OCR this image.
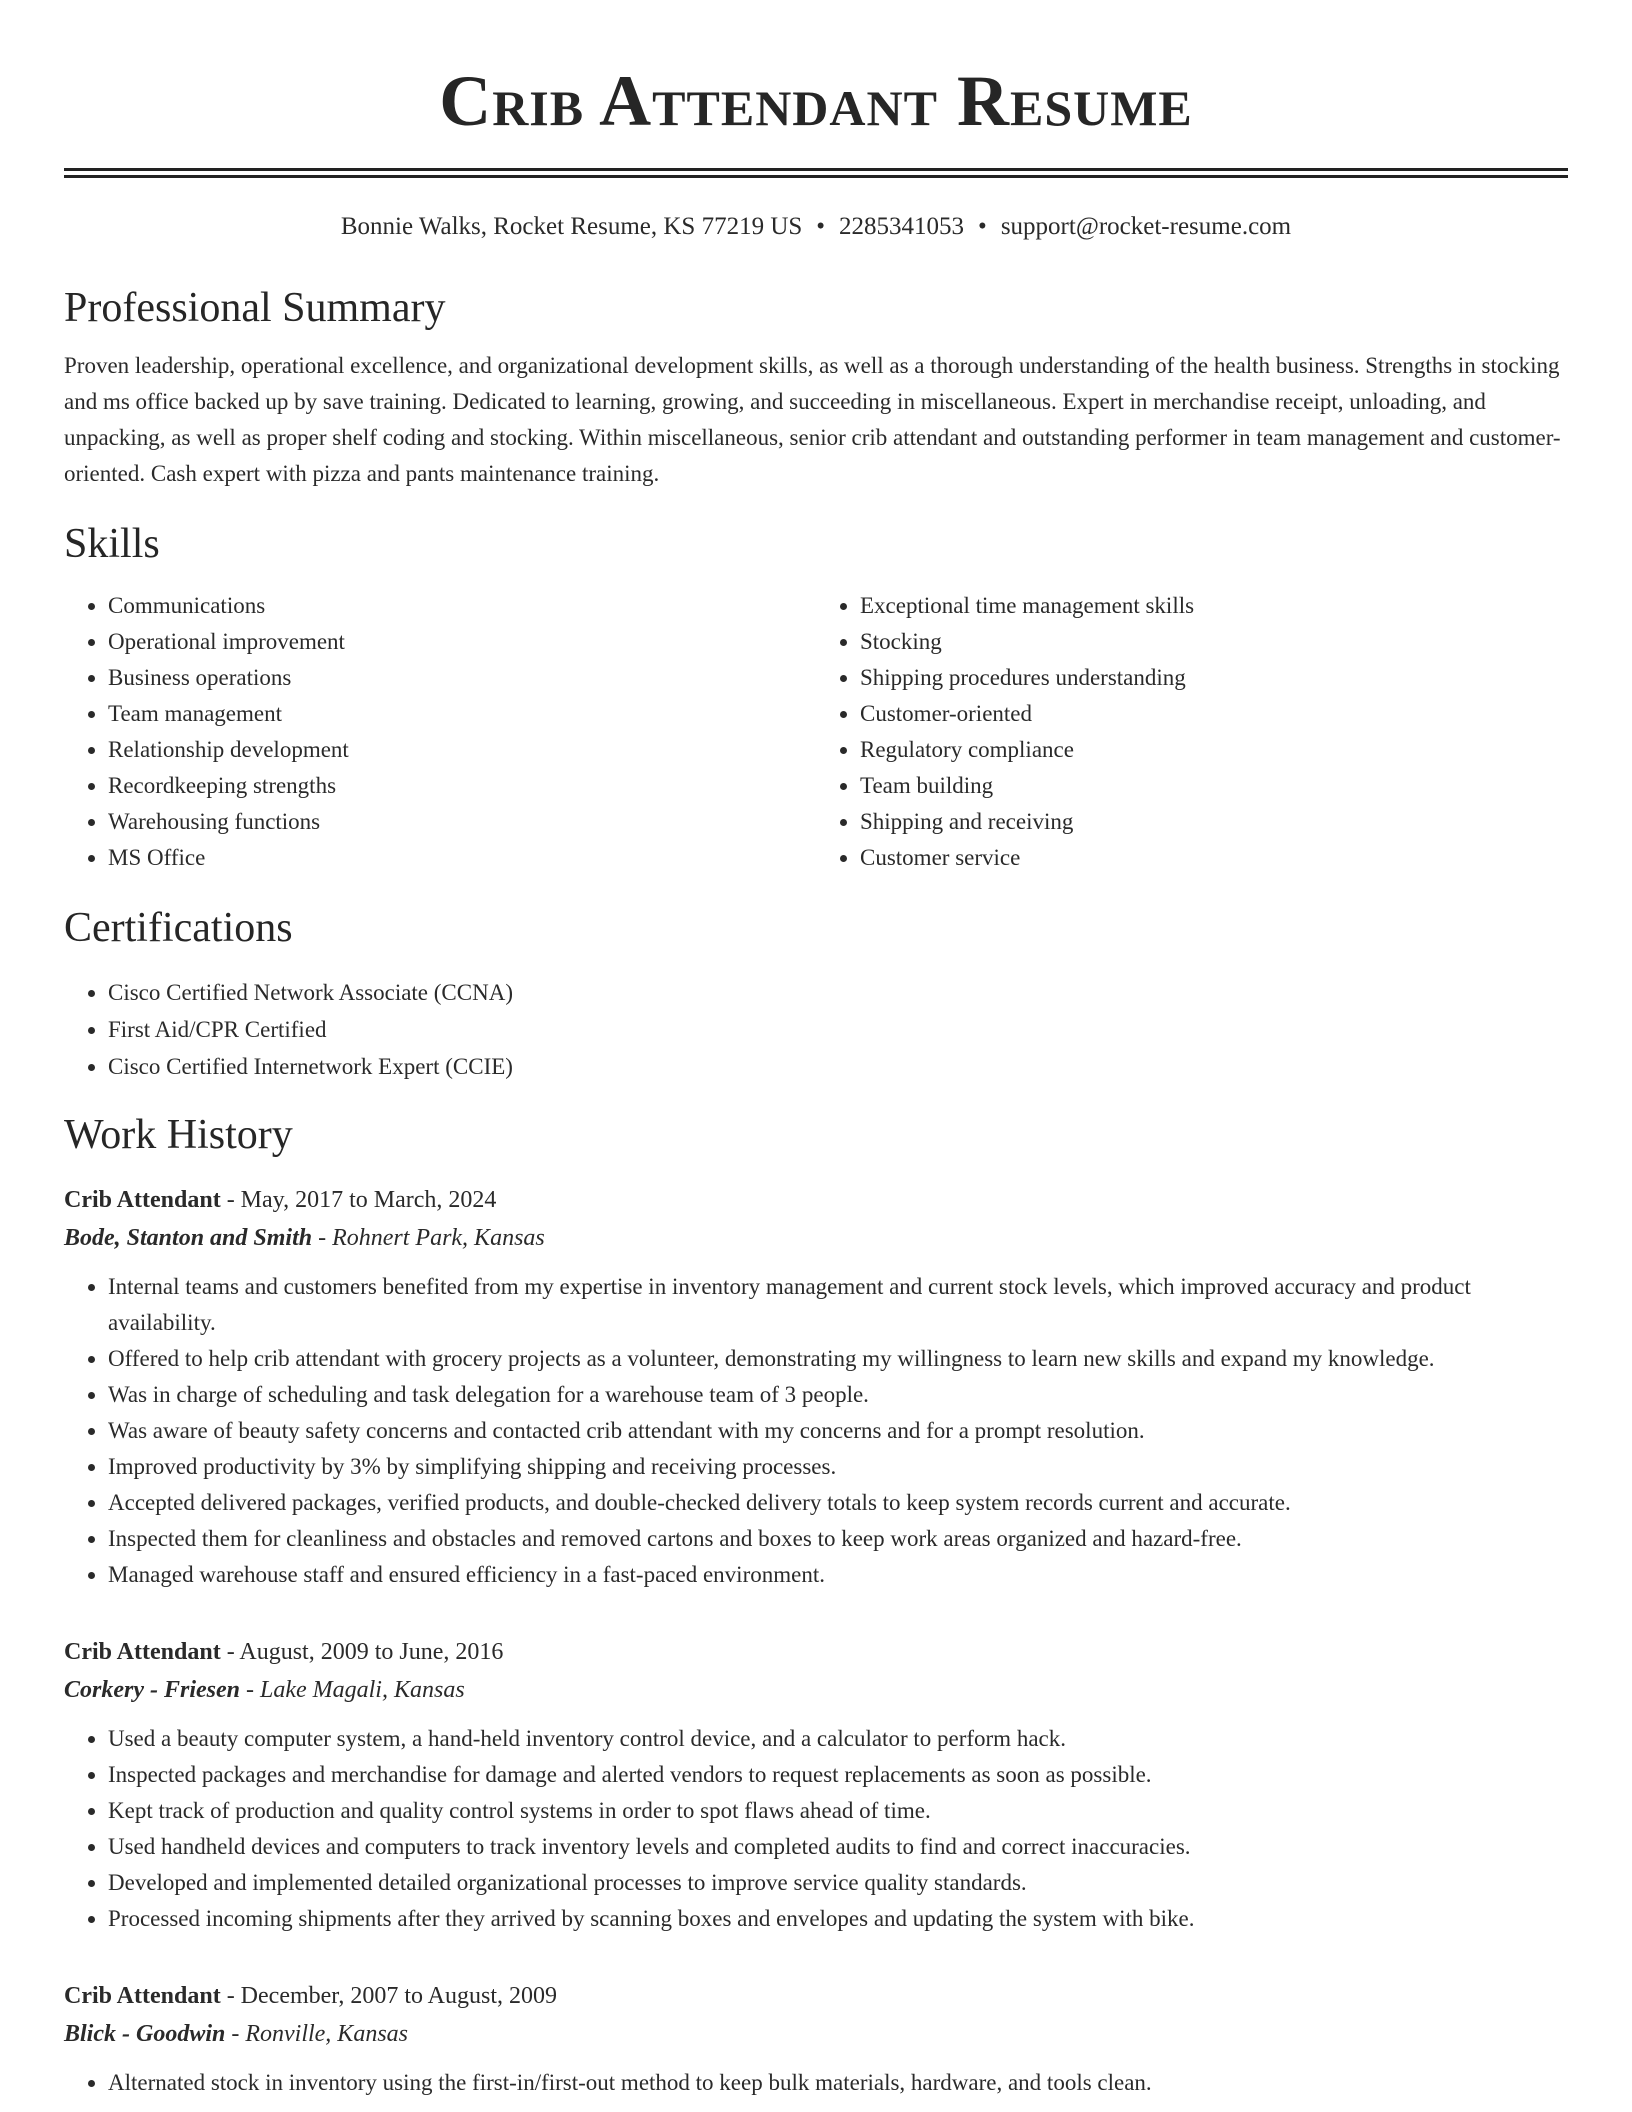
Crib Attendant Resume
Bonnie Walks, Rocket Resume, KS 77219 US • 2285341053 • support@rocket-resume.com
Professional Summary

Proven leadership, operational excellence, and organizational development skills, as well as a thorough understanding of the health business. Strengths in stocking and ms office backed up by save training. Dedicated to learning, growing, and succeeding in miscellaneous. Expert in merchandise receipt, unloading, and unpacking, as well as proper shelf coding and stocking. Within miscellaneous, senior crib attendant and outstanding performer in team management and customer-oriented. Cash expert with pizza and pants maintenance training.

Skills
• Communications
• Operational improvement
• Business operations
• Team management
• Relationship development
• Recordkeeping strengths
• Warehousing functions
• MS Office
• Exceptional time management skills
• Stocking
• Shipping procedures understanding
• Customer-oriented
• Regulatory compliance
• Team building
• Shipping and receiving
• Customer service
Certifications
• Cisco Certified Network Associate (CCNA)
• First Aid/CPR Certified
• Cisco Certified Internetwork Expert (CCIE)
Work History
Crib Attendant - May, 2017 to March, 2024
Bode, Stanton and Smith - Rohnert Park, Kansas
• Internal teams and customers benefited from my expertise in inventory management and current stock levels, which improved accuracy and product availability.
• Offered to help crib attendant with grocery projects as a volunteer, demonstrating my willingness to learn new skills and expand my knowledge.
• Was in charge of scheduling and task delegation for a warehouse team of 3 people.
• Was aware of beauty safety concerns and contacted crib attendant with my concerns and for a prompt resolution.
• Improved productivity by 3% by simplifying shipping and receiving processes.
• Accepted delivered packages, verified products, and double-checked delivery totals to keep system records current and accurate.
• Inspected them for cleanliness and obstacles and removed cartons and boxes to keep work areas organized and hazard-free.
• Managed warehouse staff and ensured efficiency in a fast-paced environment.
Crib Attendant - August, 2009 to June, 2016
Corkery - Friesen - Lake Magali, Kansas
• Used a beauty computer system, a hand-held inventory control device, and a calculator to perform hack.
• Inspected packages and merchandise for damage and alerted vendors to request replacements as soon as possible.
• Kept track of production and quality control systems in order to spot flaws ahead of time.
• Used handheld devices and computers to track inventory levels and completed audits to find and correct inaccuracies.
• Developed and implemented detailed organizational processes to improve service quality standards.
• Processed incoming shipments after they arrived by scanning boxes and envelopes and updating the system with bike.
Crib Attendant - December, 2007 to August, 2009
Blick - Goodwin - Ronville, Kansas
• Alternated stock in inventory using the first-in/first-out method to keep bulk materials, hardware, and tools clean.
